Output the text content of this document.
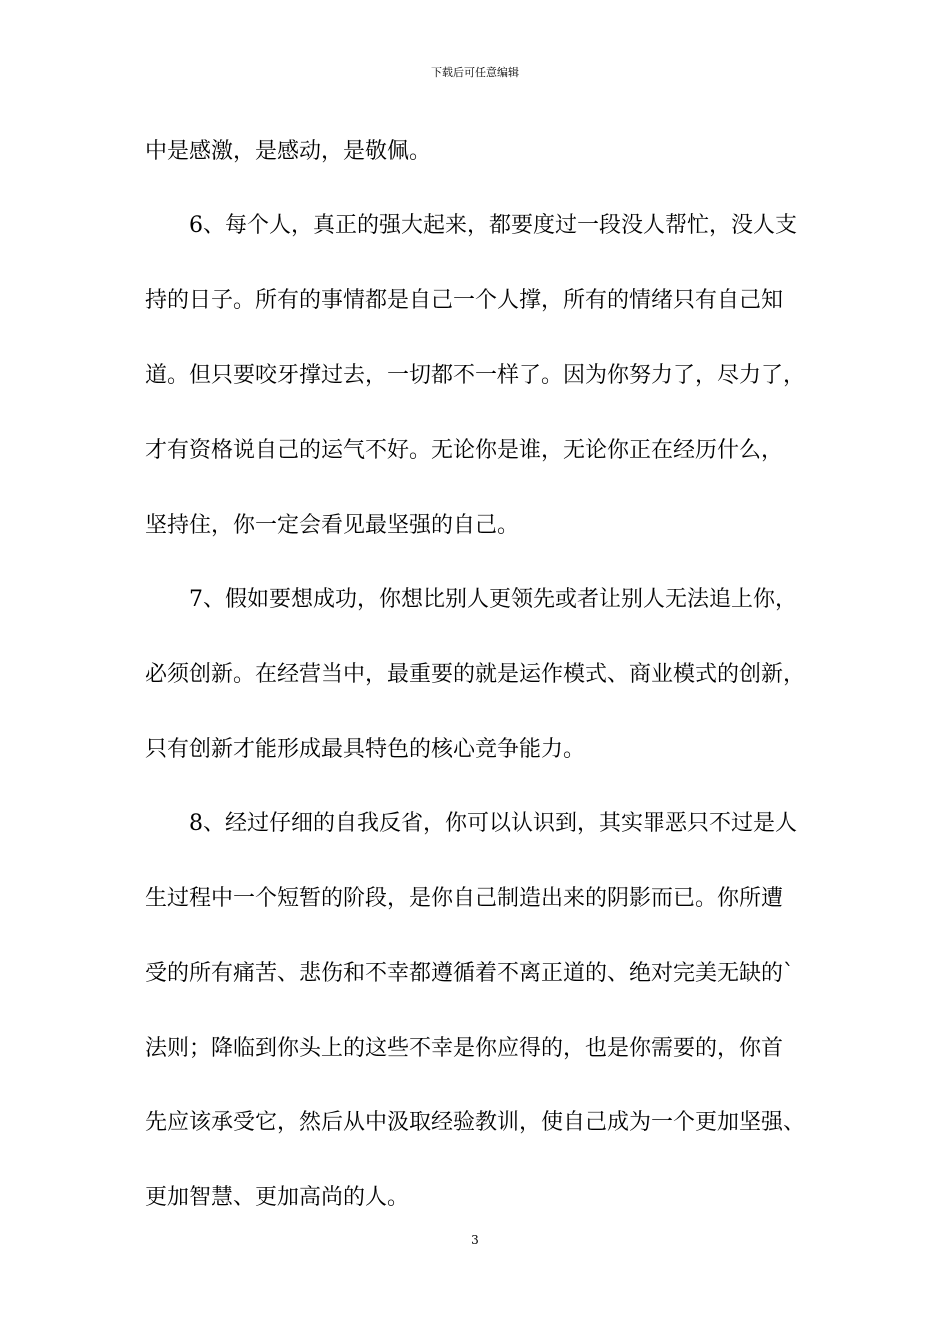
下载后可任意编辑
中是感激，是感动，是敬佩。
6、每个人，真正的强大起来，都要度过一段没人帮忙，没人支
持的日子。所有的事情都是自己一个人撑，所有的情绪只有自己知
道。但只要咬牙撑过去，一切都不一样了。因为你努力了，尽力了，
才有资格说自己的运气不好。无论你是谁，无论你正在经历什么，
坚持住，你一定会看见最坚强的自己。
7、假如要想成功，你想比别人更领先或者让别人无法追上你，
必须创新。在经营当中，最重要的就是运作模式、商业模式的创新，
只有创新才能形成最具特色的核心竞争能力。
8、经过仔细的自我反省，你可以认识到，其实罪恶只不过是人
生过程中一个短暂的阶段，是你自己制造出来的阴影而已。你所遭
受的所有痛苦、悲伤和不幸都遵循着不离正道的、绝对完美无缺的`
法则；降临到你头上的这些不幸是你应得的，也是你需要的，你首
先应该承受它，然后从中汲取经验教训，使自己成为一个更加坚强、
更加智慧、更加高尚的人。
3
